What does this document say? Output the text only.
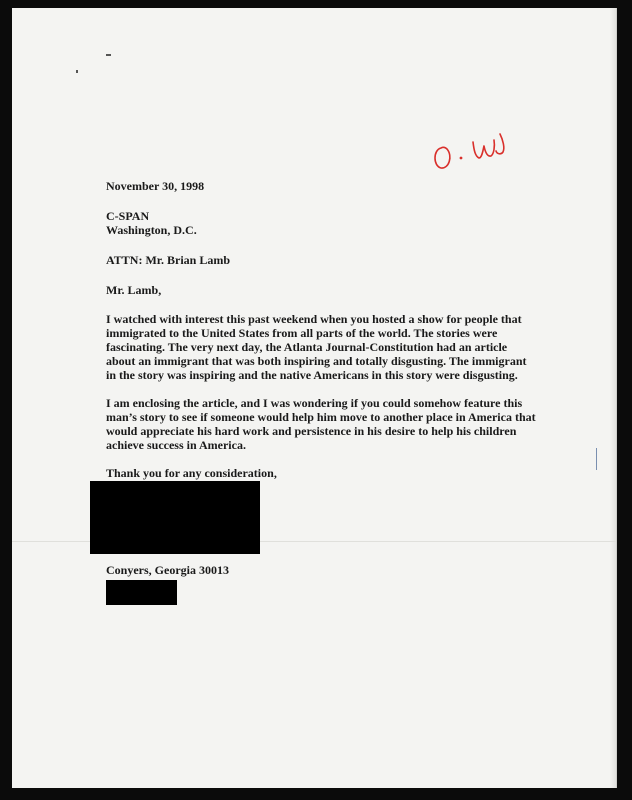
November 30, 1998
C-SPAN
Washington, D.C.
ATTN: Mr. Brian Lamb
Mr. Lamb,
I watched with interest this past weekend when you hosted a show for people that
immigrated to the United States from all parts of the world. The stories were
fascinating. The very next day, the Atlanta Journal-Constitution had an article
about an immigrant that was both inspiring and totally disgusting. The immigrant
in the story was inspiring and the native Americans in this story were disgusting.
I am enclosing the article, and I was wondering if you could somehow feature this
man’s story to see if someone would help him move to another place in America that
would appreciate his hard work and persistence in his desire to help his children
achieve success in America.
Thank you for any consideration,
Conyers, Georgia 30013
